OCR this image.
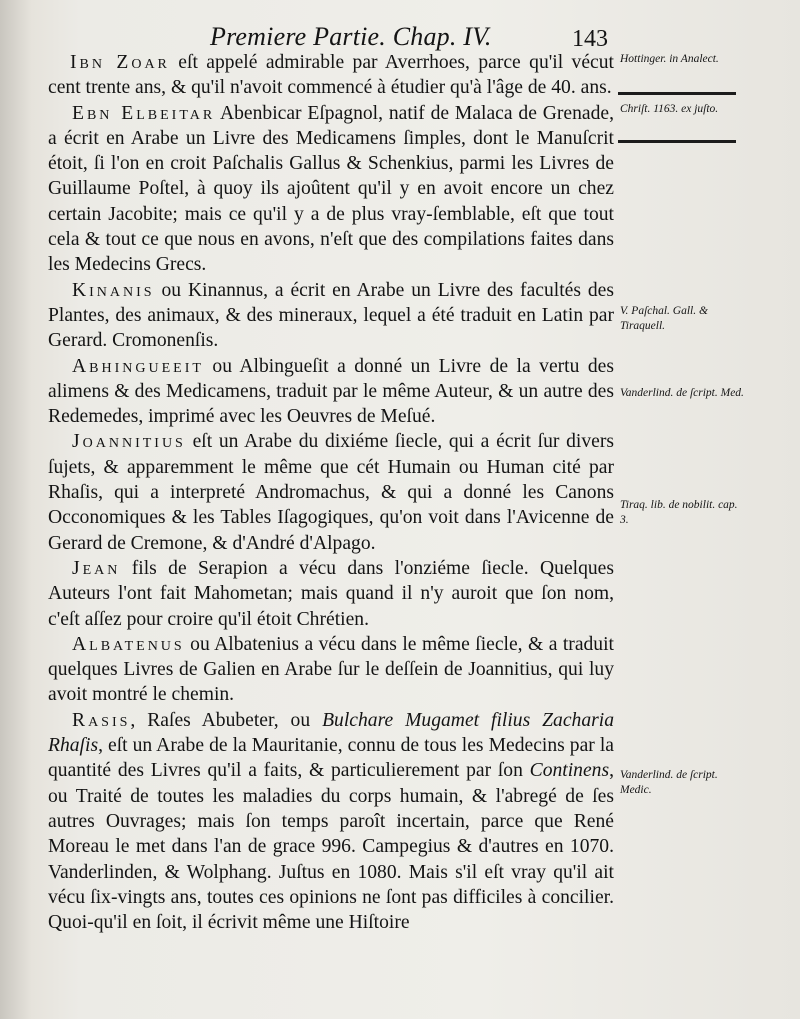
Premiere Partie. Chap. IV.	143

Ibn Zoar eſt appelé admirable par Averrhoes, parce qu'il vécut cent trente ans, & qu'il n'avoit commencé à étudier qu'à l'âge de 40. ans.

Ebn Elbeitar Abenbicar Eſpagnol, natif de Malaca de Grenade, a écrit en Arabe un Livre des Medicamens ſimples, dont le Manuſcrit étoit, ſi l'on en croit Paſchalis Gallus & Schenkius, parmi les Livres de Guillaume Poſtel, à quoy ils ajoûtent qu'il y en avoit encore un chez certain Jacobite; mais ce qu'il y a de plus vray-ſemblable, eſt que tout cela & tout ce que nous en avons, n'eſt que des compilations faites dans les Medecins Grecs.

Kinanis ou Kinannus, a écrit en Arabe un Livre des facultés des Plantes, des animaux, & des mineraux, lequel a été traduit en Latin par Gerard. Cromonenſis.

Abhingueeit ou Albingueſit a donné un Livre de la vertu des alimens & des Medicamens, traduit par le même Auteur, & un autre des Redemedes, imprimé avec les Oeuvres de Meſué.

Joannitius eſt un Arabe du dixiéme ſiecle, qui a écrit ſur divers ſujets, & apparemment le même que cét Humain ou Human cité par Rhaſis, qui a interpreté Andromachus, & qui a donné les Canons Occonomiques & les Tables Iſagogiques, qu'on voit dans l'Avicenne de Gerard de Cremone, & d'André d'Alpago.

Jean fils de Serapion a vécu dans l'onziéme ſiecle. Quelques Auteurs l'ont fait Mahometan; mais quand il n'y auroit que ſon nom, c'eſt aſſez pour croire qu'il étoit Chrétien.

Albatenus ou Albatenius a vécu dans le même ſiecle, & a traduit quelques Livres de Galien en Arabe ſur le deſſein de Joannitius, qui luy avoit montré le chemin.

Rasis, Raſes Abubeter, ou Bulchare Mugamet filius Zacharia Rhaſis, eſt un Arabe de la Mauritanie, connu de tous les Medecins par la quantité des Livres qu'il a faits, & particulierement par ſon Continens, ou Traité de toutes les maladies du corps humain, & l'abregé de ſes autres Ouvrages; mais ſon temps paroît incertain, parce que René Moreau le met dans l'an de grace 996. Campegius & d'autres en 1070. Vanderlinden, & Wolphang. Juſtus en 1080. Mais s'il eſt vray qu'il ait vécu ſix-vingts ans, toutes ces opinions ne ſont pas difficiles à concilier. Quoi-qu'il en ſoit, il écrivit même une Hiſtoire

Hottinger. in Analect.
Chriſt. 1163. ex juſto.
V. Paſchal. Gall. & Tiraquell.
Vanderlind. de ſcript. Med.
Tiraq. lib. de nobilit. cap. 3.
Vanderlind. de ſcript. Medic.
